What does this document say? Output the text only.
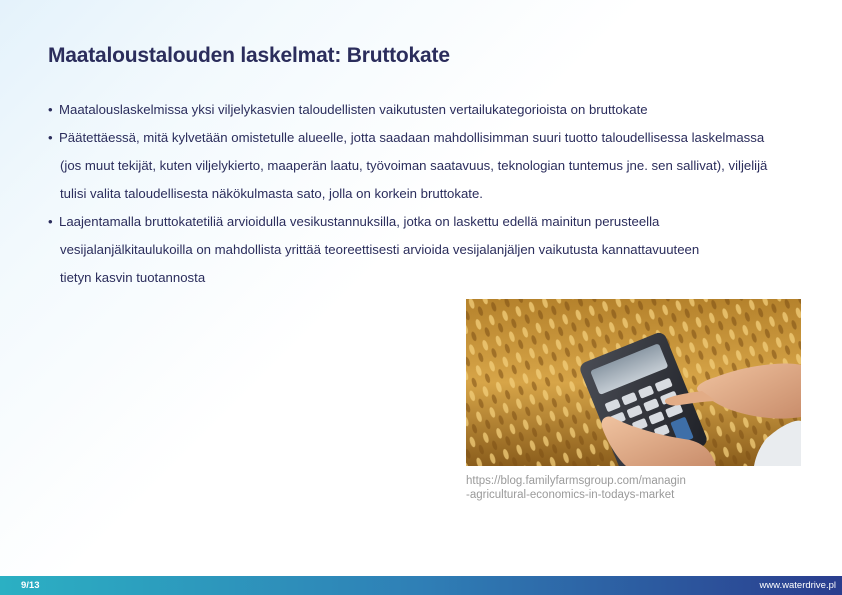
Maataloustalouden laskelmat: Bruttokate
• Maatalouslaskelmissa yksi viljelykasvien taloudellisten vaikutusten vertailukategorioista on bruttokate
• Päätettäessä, mitä kylvetään omistetulle alueelle, jotta saadaan mahdollisimman suuri tuotto taloudellisessa laskelmassa
(jos muut tekijät, kuten viljelykierto, maaperän laatu, työvoiman saatavuus, teknologian tuntemus jne. sen sallivat), viljelijä
tulisi valita taloudellisesta näkökulmasta sato, jolla on korkein bruttokate.
• Laajentamalla bruttokatetiliä arvioidulla vesikustannuksilla, jotka on laskettu edellä mainitun perusteella
vesijalanjälkitaulukoilla on mahdollista yrittää teoreettisesti arvioida vesijalanjäljen vaikutusta kannattavuuteen
tietyn kasvin tuotannosta
https://blog.familyfarmsgroup.com/managin
-agricultural-economics-in-todays-market
9/13	www.waterdrive.pl
